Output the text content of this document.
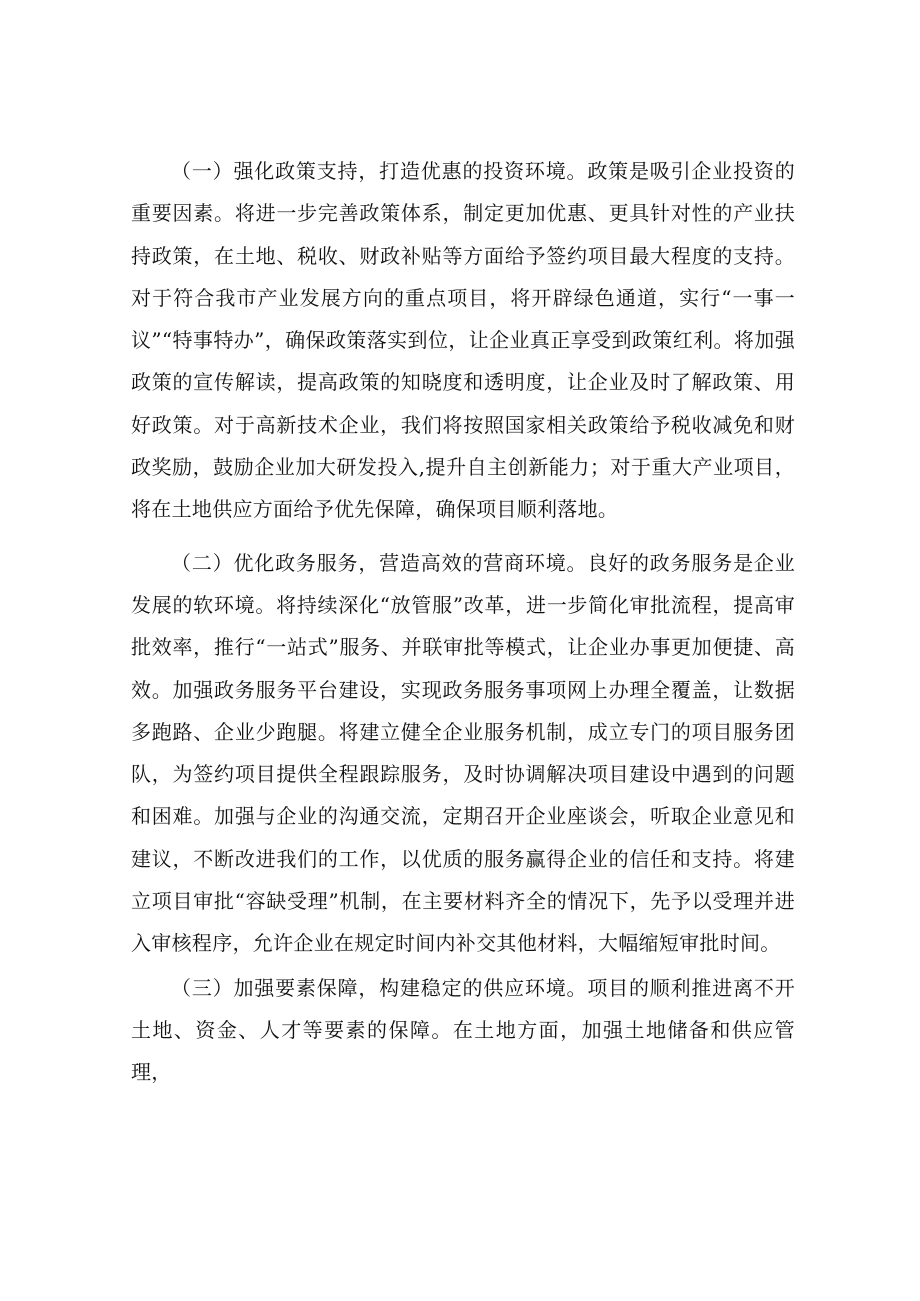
（一）强化政策支持，打造优惠的投资环境。政策是吸引企业投资的重要因素。将进一步完善政策体系，制定更加优惠、更具针对性的产业扶持政策，在土地、税收、财政补贴等方面给予签约项目最大程度的支持。对于符合我市产业发展方向的重点项目，将开辟绿色通道，实行“一事一议”“特事特办”，确保政策落实到位，让企业真正享受到政策红利。将加强政策的宣传解读，提高政策的知晓度和透明度，让企业及时了解政策、用好政策。对于高新技术企业，我们将按照国家相关政策给予税收减免和财政奖励，鼓励企业加大研发投入,提升自主创新能力；对于重大产业项目，将在土地供应方面给予优先保障，确保项目顺利落地。

（二）优化政务服务，营造高效的营商环境。良好的政务服务是企业发展的软环境。将持续深化“放管服”改革，进一步简化审批流程，提高审批效率，推行“一站式”服务、并联审批等模式，让企业办事更加便捷、高效。加强政务服务平台建设，实现政务服务事项网上办理全覆盖，让数据多跑路、企业少跑腿。将建立健全企业服务机制，成立专门的项目服务团队，为签约项目提供全程跟踪服务，及时协调解决项目建设中遇到的问题和困难。加强与企业的沟通交流，定期召开企业座谈会，听取企业意见和建议，不断改进我们的工作，以优质的服务赢得企业的信任和支持。将建立项目审批“容缺受理”机制，在主要材料齐全的情况下，先予以受理并进入审核程序，允许企业在规定时间内补交其他材料，大幅缩短审批时间。

（三）加强要素保障，构建稳定的供应环境。项目的顺利推进离不开土地、资金、人才等要素的保障。在土地方面，加强土地储备和供应管理，
